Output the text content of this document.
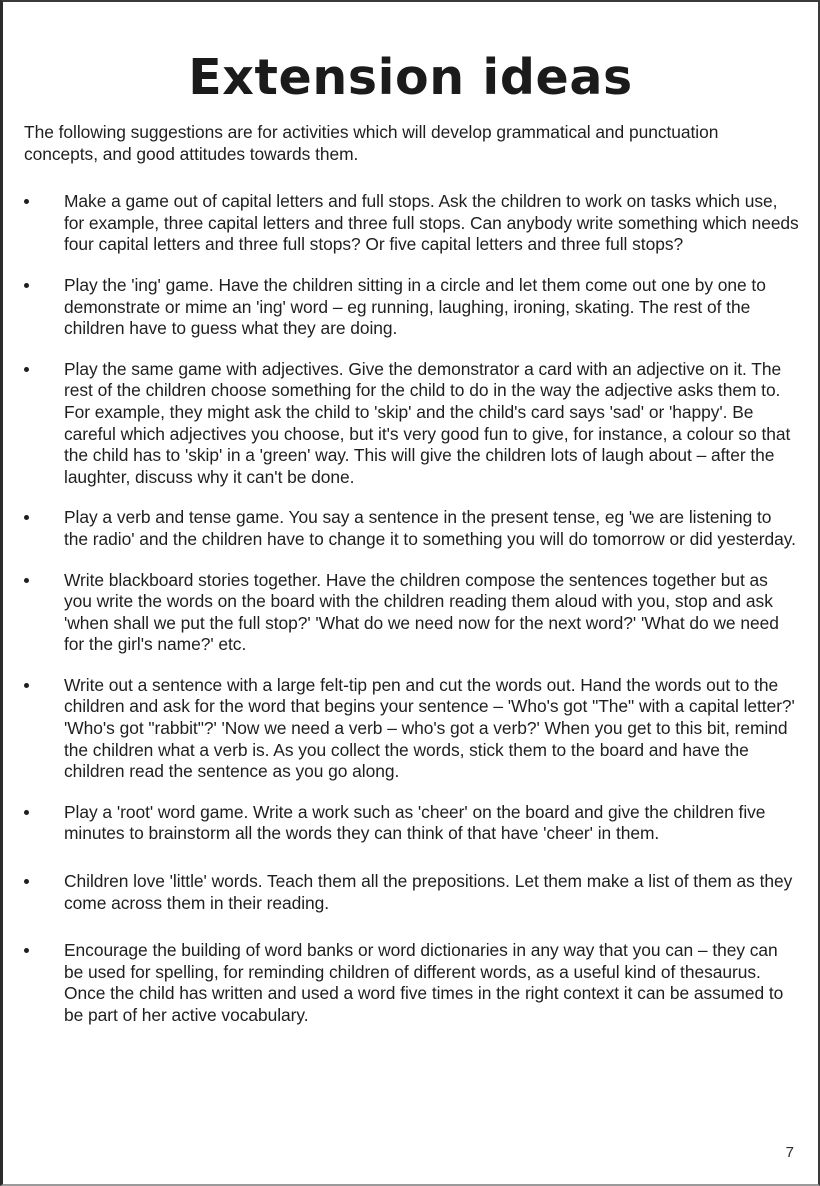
Extension ideas

The following suggestions are for activities which will develop grammatical and punctuation concepts, and good attitudes towards them.

Make a game out of capital letters and full stops. Ask the children to work on tasks which use, for example, three capital letters and three full stops. Can anybody write something which needs four capital letters and three full stops? Or five capital letters and three full stops?
Play the 'ing' game. Have the children sitting in a circle and let them come out one by one to demonstrate or mime an 'ing' word – eg running, laughing, ironing, skating. The rest of the children have to guess what they are doing.
Play the same game with adjectives. Give the demonstrator a card with an adjective on it. The rest of the children choose something for the child to do in the way the adjective asks them to. For example, they might ask the child to 'skip' and the child's card says 'sad' or 'happy'. Be careful which adjectives you choose, but it's very good fun to give, for instance, a colour so that the child has to 'skip' in a 'green' way. This will give the children lots of laugh about – after the laughter, discuss why it can't be done.
Play a verb and tense game. You say a sentence in the present tense, eg 'we are listening to the radio' and the children have to change it to something you will do tomorrow or did yesterday.
Write blackboard stories together. Have the children compose the sentences together but as you write the words on the board with the children reading them aloud with you, stop and ask 'when shall we put the full stop?' 'What do we need now for the next word?' 'What do we need for the girl's name?' etc.
Write out a sentence with a large felt-tip pen and cut the words out. Hand the words out to the children and ask for the word that begins your sentence – 'Who's got "The" with a capital letter?' 'Who's got "rabbit"?' 'Now we need a verb – who's got a verb?' When you get to this bit, remind the children what a verb is. As you collect the words, stick them to the board and have the children read the sentence as you go along.
Play a 'root' word game. Write a work such as 'cheer' on the board and give the children five minutes to brainstorm all the words they can think of that have 'cheer' in them.
Children love 'little' words. Teach them all the prepositions. Let them make a list of them as they come across them in their reading.
Encourage the building of word banks or word dictionaries in any way that you can – they can be used for spelling, for reminding children of different words, as a useful kind of thesaurus. Once the child has written and used a word five times in the right context it can be assumed to be part of her active vocabulary.
7
